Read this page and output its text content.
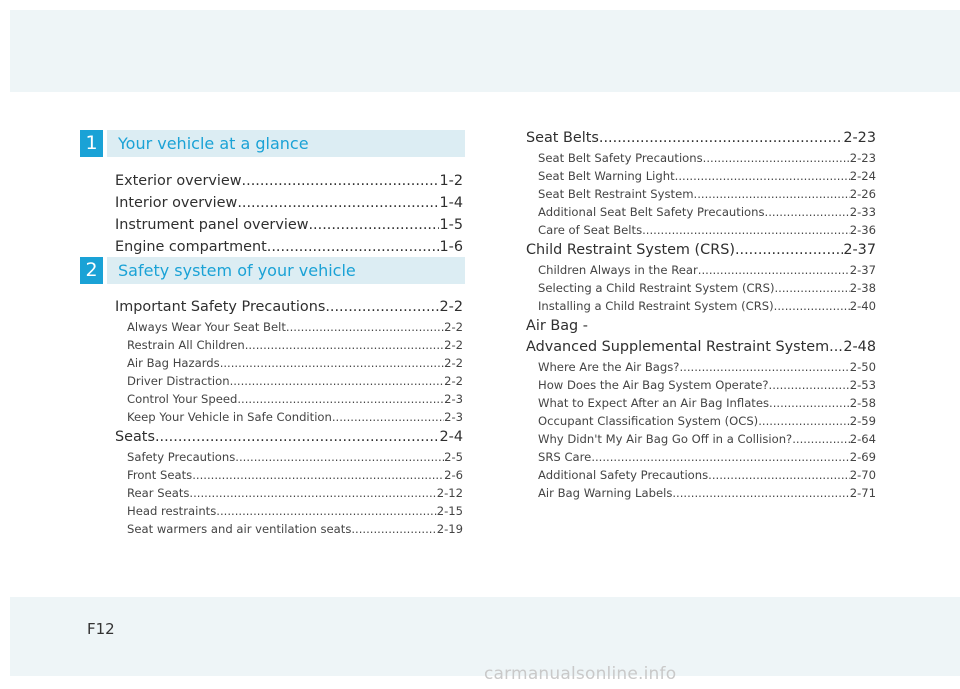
1	Your vehicle at a glance
Exterior overview .....	1-2
Interior overview .....	1-4
Instrument panel overview .....	1-5
Engine compartment .....	1-6
2	Safety system of your vehicle
Important Safety Precautions .....	2-2
Always Wear Your Seat Belt .....	2-2
Restrain All Children .....	2-2
Air Bag Hazards .....	2-2
Driver Distraction .....	2-2
Control Your Speed .....	2-3
Keep Your Vehicle in Safe Condition .....	2-3
Seats .....	2-4
Safety Precautions .....	2-5
Front Seats .....	2-6
Rear Seats .....	2-12
Head restraints .....	2-15
Seat warmers and air ventilation seats .....	2-19
Seat Belts .....	2-23
Seat Belt Safety Precautions .....	2-23
Seat Belt Warning Light .....	2-24
Seat Belt Restraint System .....	2-26
Additional Seat Belt Safety Precautions .....	2-33
Care of Seat Belts .....	2-36
Child Restraint System (CRS) .....	2-37
Children Always in the Rear .....	2-37
Selecting a Child Restraint System (CRS) .....	2-38
Installing a Child Restraint System (CRS) .....	2-40
Air Bag -
Advanced Supplemental Restraint System ..... 2-48
Where Are the Air Bags? .....	2-50
How Does the Air Bag System Operate? .....	2-53
What to Expect After an Air Bag Inflates .....	2-58
Occupant Classification System (OCS) .....	2-59
Why Didn't My Air Bag Go Off in a Collision? .....	2-64
SRS Care .....	2-69
Additional Safety Precautions .....	2-70
Air Bag Warning Labels .....	2-71
F12
carmanualsonline.info
